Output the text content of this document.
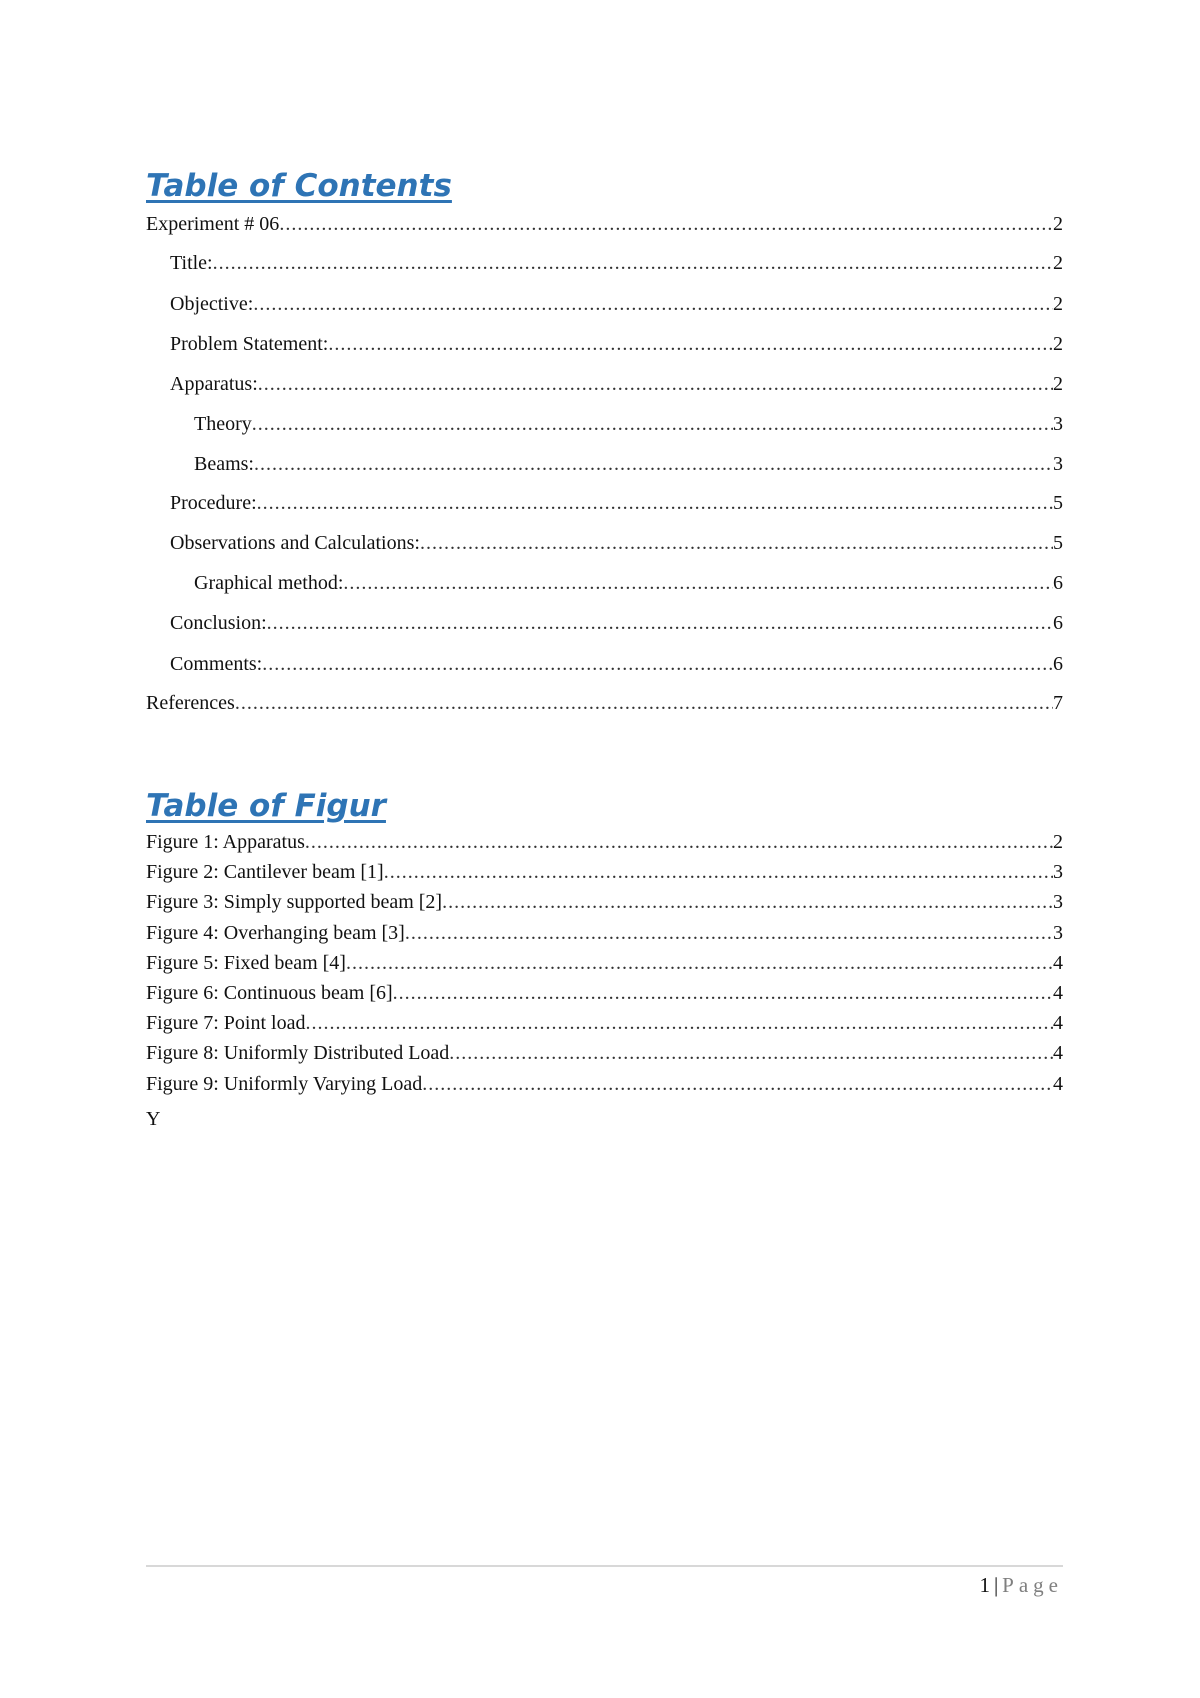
Table of Contents
Experiment # 06 .....	2
Title: .....	2
Objective: .....	2
Problem Statement: .....	2
Apparatus: .....	2
Theory .....	3
Beams: .....	3
Procedure: .....	5
Observations and Calculations: .....	5
Graphical method: .....	6
Conclusion: .....	6
Comments: .....	6
References .....	7
Table of Figur
Figure 1: Apparatus .....	2
Figure 2: Cantilever beam [1] .....	3
Figure 3: Simply supported beam [2] .....	3
Figure 4: Overhanging beam [3] .....	3
Figure 5: Fixed beam [4] .....	4
Figure 6: Continuous beam [6] .....	4
Figure 7: Point load .....	4
Figure 8: Uniformly Distributed Load .....	4
Figure 9: Uniformly Varying Load .....	4
Y
1 | Page
